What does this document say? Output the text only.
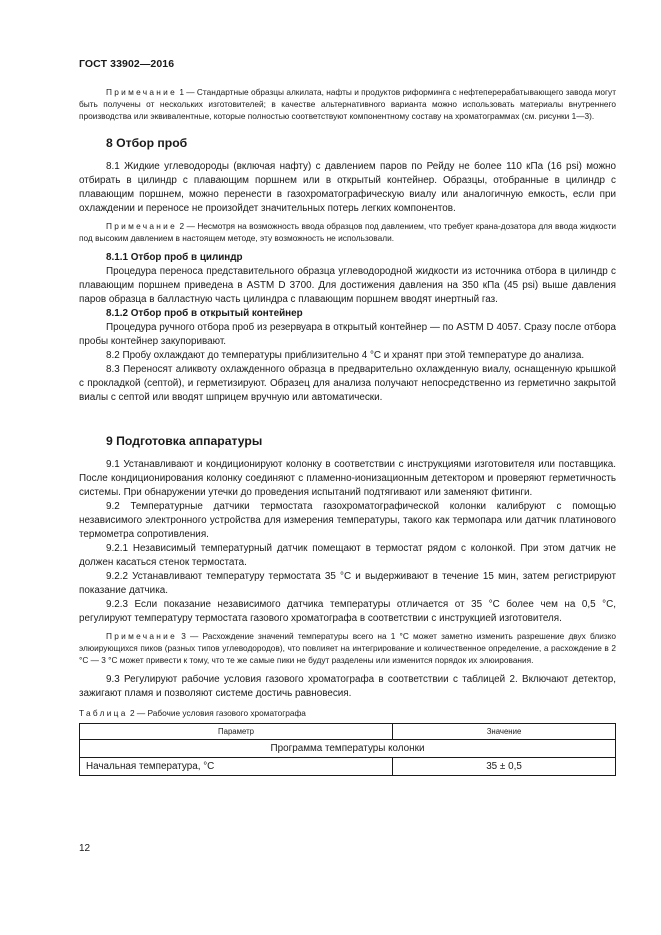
ГОСТ 33902—2016

Примечание 1 — Стандартные образцы алкилата, нафты и продуктов риформинга с нефтеперерабатывающего завода могут быть получены от нескольких изготовителей; в качестве альтернативного варианта можно использовать материалы внутреннего производства или эквивалентные, которые полностью соответствуют компонентному составу на хроматограммах (см. рисунки 1—3).

8 Отбор проб

8.1 Жидкие углеводороды (включая нафту) с давлением паров по Рейду не более 110 кПа (16 psi) можно отбирать в цилиндр с плавающим поршнем или в открытый контейнер. Образцы, отобранные в цилиндр с плавающим поршнем, можно перенести в газохроматографическую виалу или аналогичную емкость, если при охлаждении и переносе не произойдет значительных потерь легких компонентов.

Примечание 2 — Несмотря на возможность ввода образцов под давлением, что требует крана-дозатора для ввода жидкости под высоким давлением в настоящем методе, эту возможность не использовали.

8.1.1 Отбор проб в цилиндр

Процедура переноса представительного образца углеводородной жидкости из источника отбора в цилиндр с плавающим поршнем приведена в ASTM D 3700. Для достижения давления на 350 кПа (45 psi) выше давления паров образца в балластную часть цилиндра с плавающим поршнем вводят инертный газ.

8.1.2 Отбор проб в открытый контейнер

Процедура ручного отбора проб из резервуара в открытый контейнер — по ASTM D 4057. Сразу после отбора пробы контейнер закупоривают.

8.2 Пробу охлаждают до температуры приблизительно 4 °С и хранят при этой температуре до анализа.

8.3 Переносят аликвоту охлажденного образца в предварительно охлажденную виалу, оснащенную крышкой с прокладкой (септой), и герметизируют. Образец для анализа получают непосредственно из герметично закрытой виалы с септой или вводят шприцем вручную или автоматически.

9 Подготовка аппаратуры

9.1 Устанавливают и кондиционируют колонку в соответствии с инструкциями изготовителя или поставщика. После кондиционирования колонку соединяют с пламенно-ионизационным детектором и проверяют герметичность системы. При обнаружении утечки до проведения испытаний подтягивают или заменяют фитинги.

9.2 Температурные датчики термостата газохроматографической колонки калибруют с помощью независимого электронного устройства для измерения температуры, такого как термопара или датчик платинового термометра сопротивления.

9.2.1 Независимый температурный датчик помещают в термостат рядом с колонкой. При этом датчик не должен касаться стенок термостата.

9.2.2 Устанавливают температуру термостата 35 °С и выдерживают в течение 15 мин, затем регистрируют показание датчика.

9.2.3 Если показание независимого датчика температуры отличается от 35 °С более чем на 0,5 °С, регулируют температуру термостата газового хроматографа в соответствии с инструкцией изготовителя.

Примечание 3 — Расхождение значений температуры всего на 1 °С может заметно изменить разрешение двух близко элюирующихся пиков (разных типов углеводородов), что повлияет на интегрирование и количественное определение, а расхождение в 2 °С — 3 °С может привести к тому, что те же самые пики не будут разделены или изменится порядок их элюирования.

9.3 Регулируют рабочие условия газового хроматографа в соответствии с таблицей 2. Включают детектор, зажигают пламя и позволяют системе достичь равновесия.

Таблица 2 — Рабочие условия газового хроматографа
Параметр	Значение
Программа температуры колонки	
Начальная температура, °С	35 ± 0,5
12
